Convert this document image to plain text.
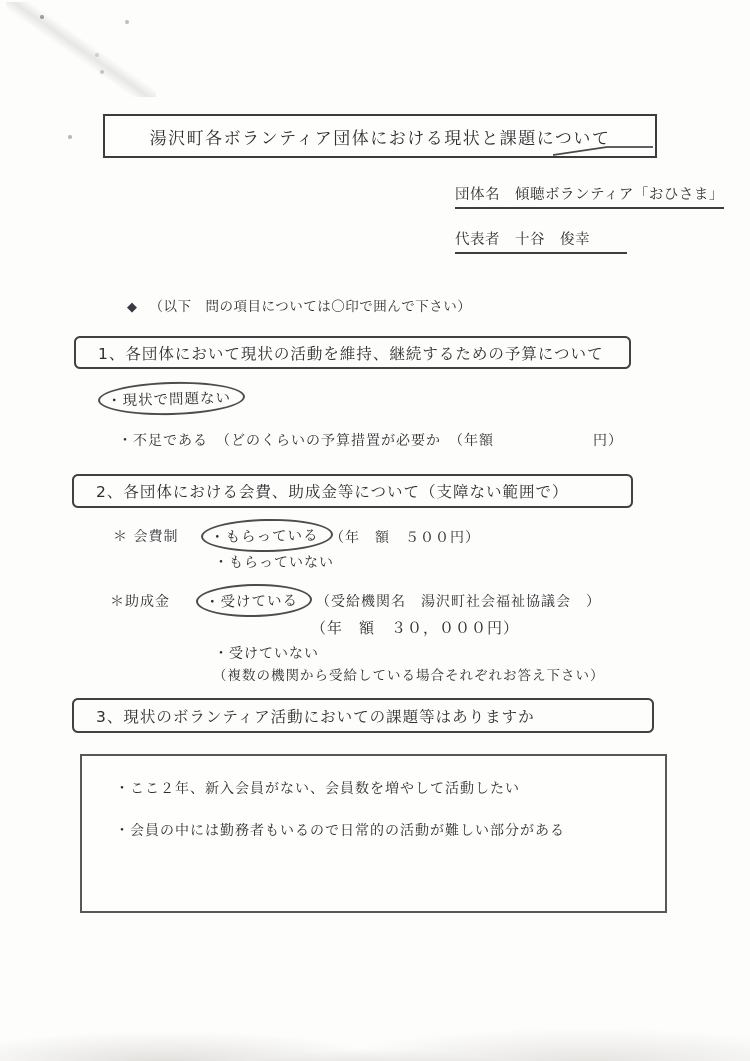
湯沢町各ボランティア団体における現状と課題について
団体名　傾聴ボランティア「おひさま」
代表者　十谷　俊幸
◆ （以下　問の項目については〇印で囲んで下さい）
1、各団体において現状の活動を維持、継続するための予算について
・現状で問題ない
・不足である　（どのくらいの予算措置が必要か　（年額	円）
2、各団体における会費、助成金等について（支障ない範囲で）
＊ 会費制	・もらっている （年　額　５００円）
・もらっていない
＊助成金	・受けている	（受給機関名　湯沢町社会福祉協議会　）
（年　額　３０，０００円）
・受けていない
（複数の機関から受給している場合それぞれお答え下さい）
3、現状のボランティア活動においての課題等はありますか
・ここ２年、新入会員がない、会員数を増やして活動したい
・会員の中には勤務者もいるので日常的の活動が難しい部分がある
